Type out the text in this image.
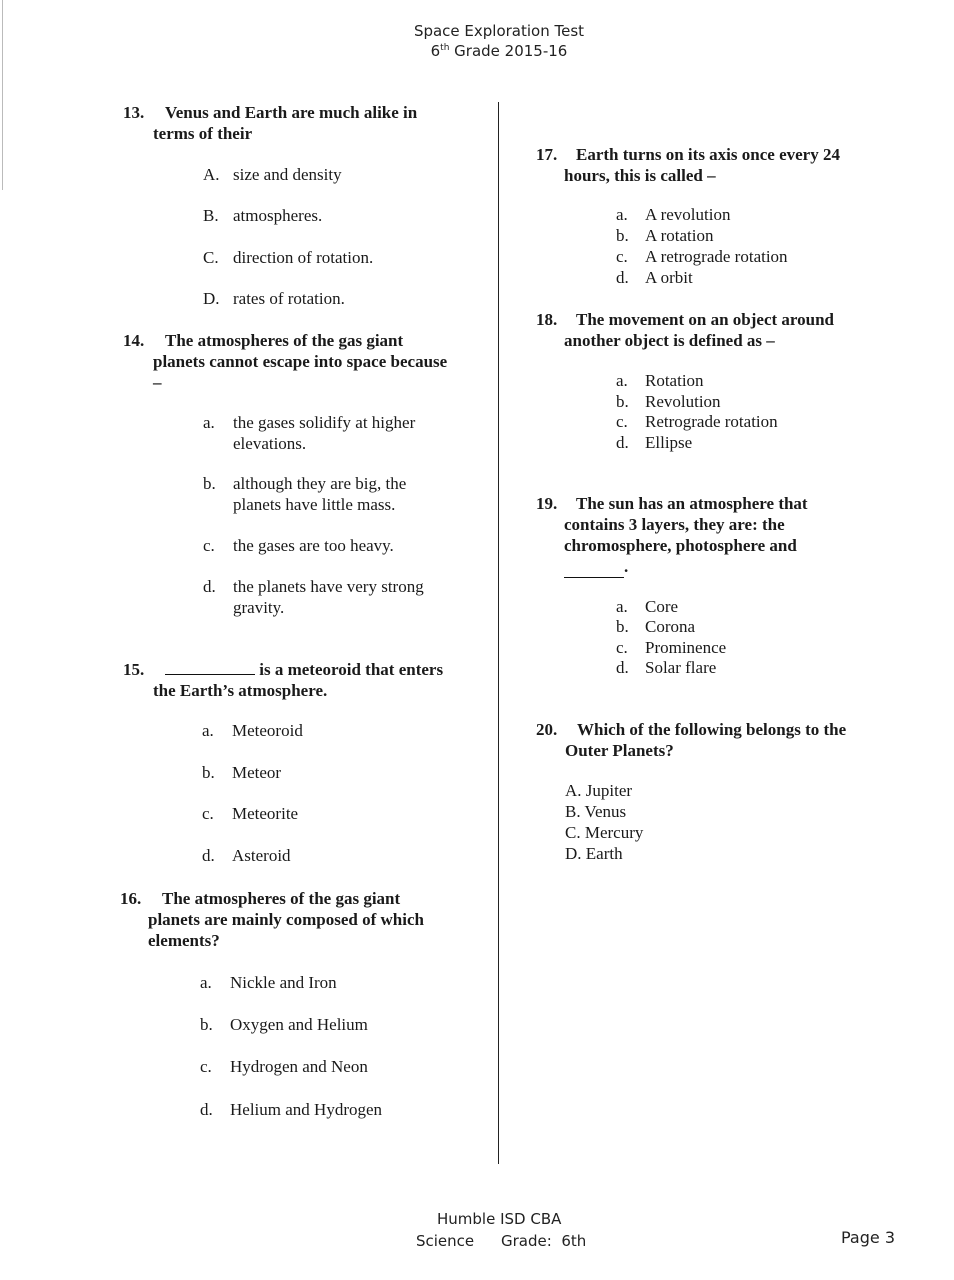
Space Exploration Test
6th Grade 2015-16
13. Venus and Earth are much alike in
terms of their
A. size and density
B. atmospheres.
C. direction of rotation.
D. rates of rotation.
14. The atmospheres of the gas giant
planets cannot escape into space because
–
a. the gases solidify at higher
elevations.
b. although they are big, the
planets have little mass.
c. the gases are too heavy.
d. the planets have very strong
gravity.
15.	is a meteoroid that enters
the Earth’s atmosphere.
a. Meteoroid
b. Meteor
c. Meteorite
d. Asteroid
16. The atmospheres of the gas giant
planets are mainly composed of which
elements?
a. Nickle and Iron
b. Oxygen and Helium
c. Hydrogen and Neon
d. Helium and Hydrogen
17. Earth turns on its axis once every 24
hours, this is called –
a. A revolution
b. A rotation
c. A retrograde rotation
d. A orbit
18. The movement on an object around
another object is defined as –
a. Rotation
b. Revolution
c. Retrograde rotation
d. Ellipse
19. The sun has an atmosphere that
contains 3 layers, they are: the
chromosphere, photosphere and
.
a. Core
b. Corona
c. Prominence
d. Solar flare
20. Which of the following belongs to the
Outer Planets?
A. Jupiter
B. Venus
C. Mercury
D. Earth
Humble ISD CBA
Science Grade: 6th	Page 3
